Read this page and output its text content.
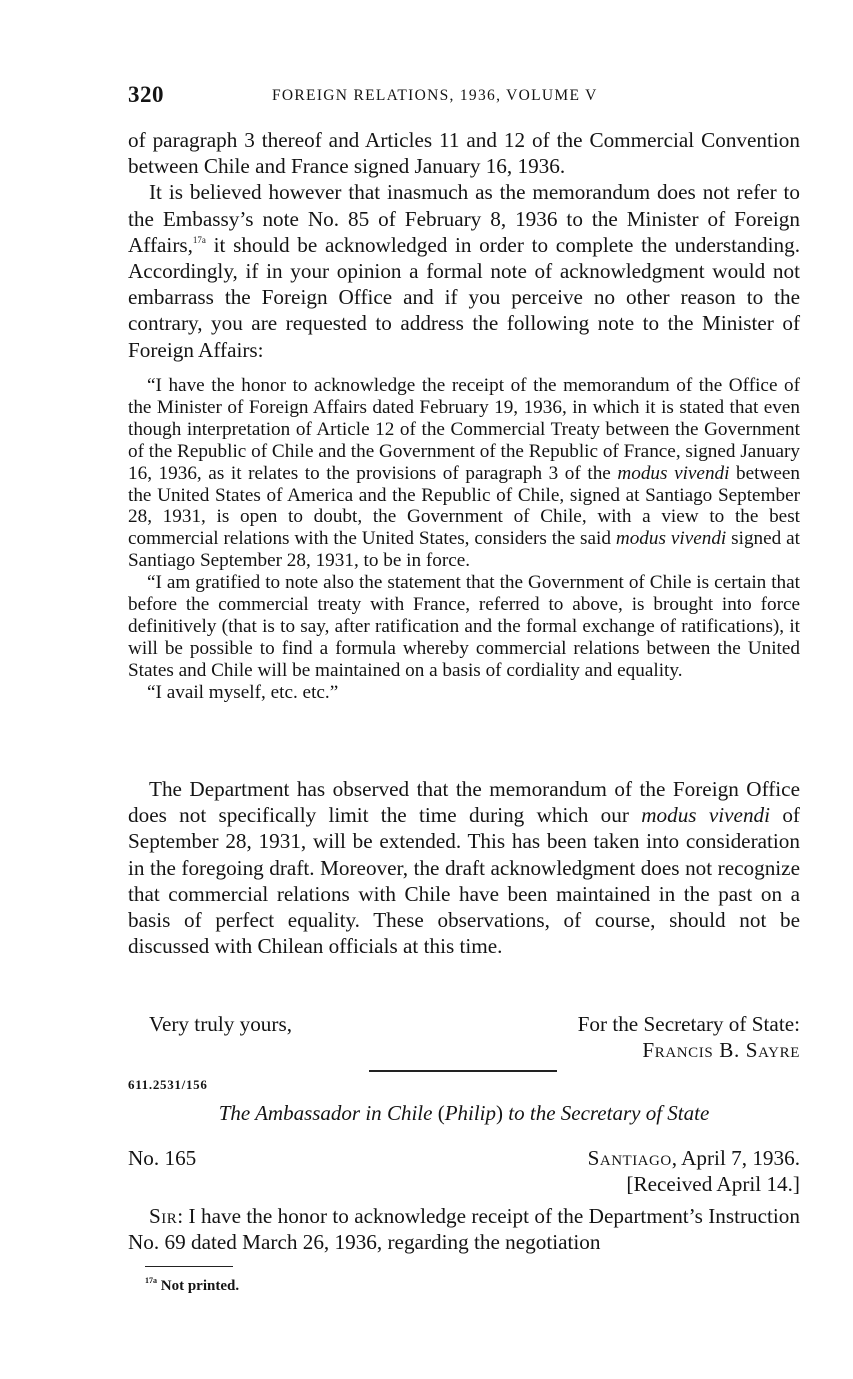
320	FOREIGN RELATIONS, 1936, VOLUME V

of paragraph 3 thereof and Articles 11 and 12 of the Commercial Convention between Chile and France signed January 16, 1936.

It is believed however that inasmuch as the memorandum does not refer to the Embassy’s note No. 85 of February 8, 1936 to the Minister of Foreign Affairs,$^{17a}$ it should be acknowledged in order to complete the understanding. Accordingly, if in your opinion a formal note of acknowledgment would not embarrass the Foreign Office and if you perceive no other reason to the contrary, you are requested to address the following note to the Minister of Foreign Affairs:

“I have the honor to acknowledge the receipt of the memorandum of the Office of the Minister of Foreign Affairs dated February 19, 1936, in which it is stated that even though interpretation of Article 12 of the Commercial Treaty between the Government of the Republic of Chile and the Government of the Republic of France, signed January 16, 1936, as it relates to the provisions of paragraph 3 of the modus vivendi between the United States of America and the Republic of Chile, signed at Santiago September 28, 1931, is open to doubt, the Government of Chile, with a view to the best commercial relations with the United States, considers the said modus vivendi signed at Santiago September 28, 1931, to be in force.

“I am gratified to note also the statement that the Government of Chile is certain that before the commercial treaty with France, referred to above, is brought into force definitively (that is to say, after ratification and the formal exchange of ratifications), it will be possible to find a formula whereby commercial relations between the United States and Chile will be maintained on a basis of cordiality and equality.

“I avail myself, etc. etc.”

The Department has observed that the memorandum of the Foreign Office does not specifically limit the time during which our modus vivendi of September 28, 1931, will be extended. This has been taken into consideration in the foregoing draft. Moreover, the draft acknowledgment does not recognize that commercial relations with Chile have been maintained in the past on a basis of perfect equality. These observations, of course, should not be discussed with Chilean officials at this time.

Very truly yours,	For the Secretary of State:
Francis B. Sayre
611.2531/156
The Ambassador in Chile (Philip) to the Secretary of State
No. 165	Santiago, April 7, 1936.
[Received April 14.]

Sir: I have the honor to acknowledge receipt of the Department’s Instruction No. 69 dated March 26, 1936, regarding the negotiation

$^{17a}$ Not printed.
